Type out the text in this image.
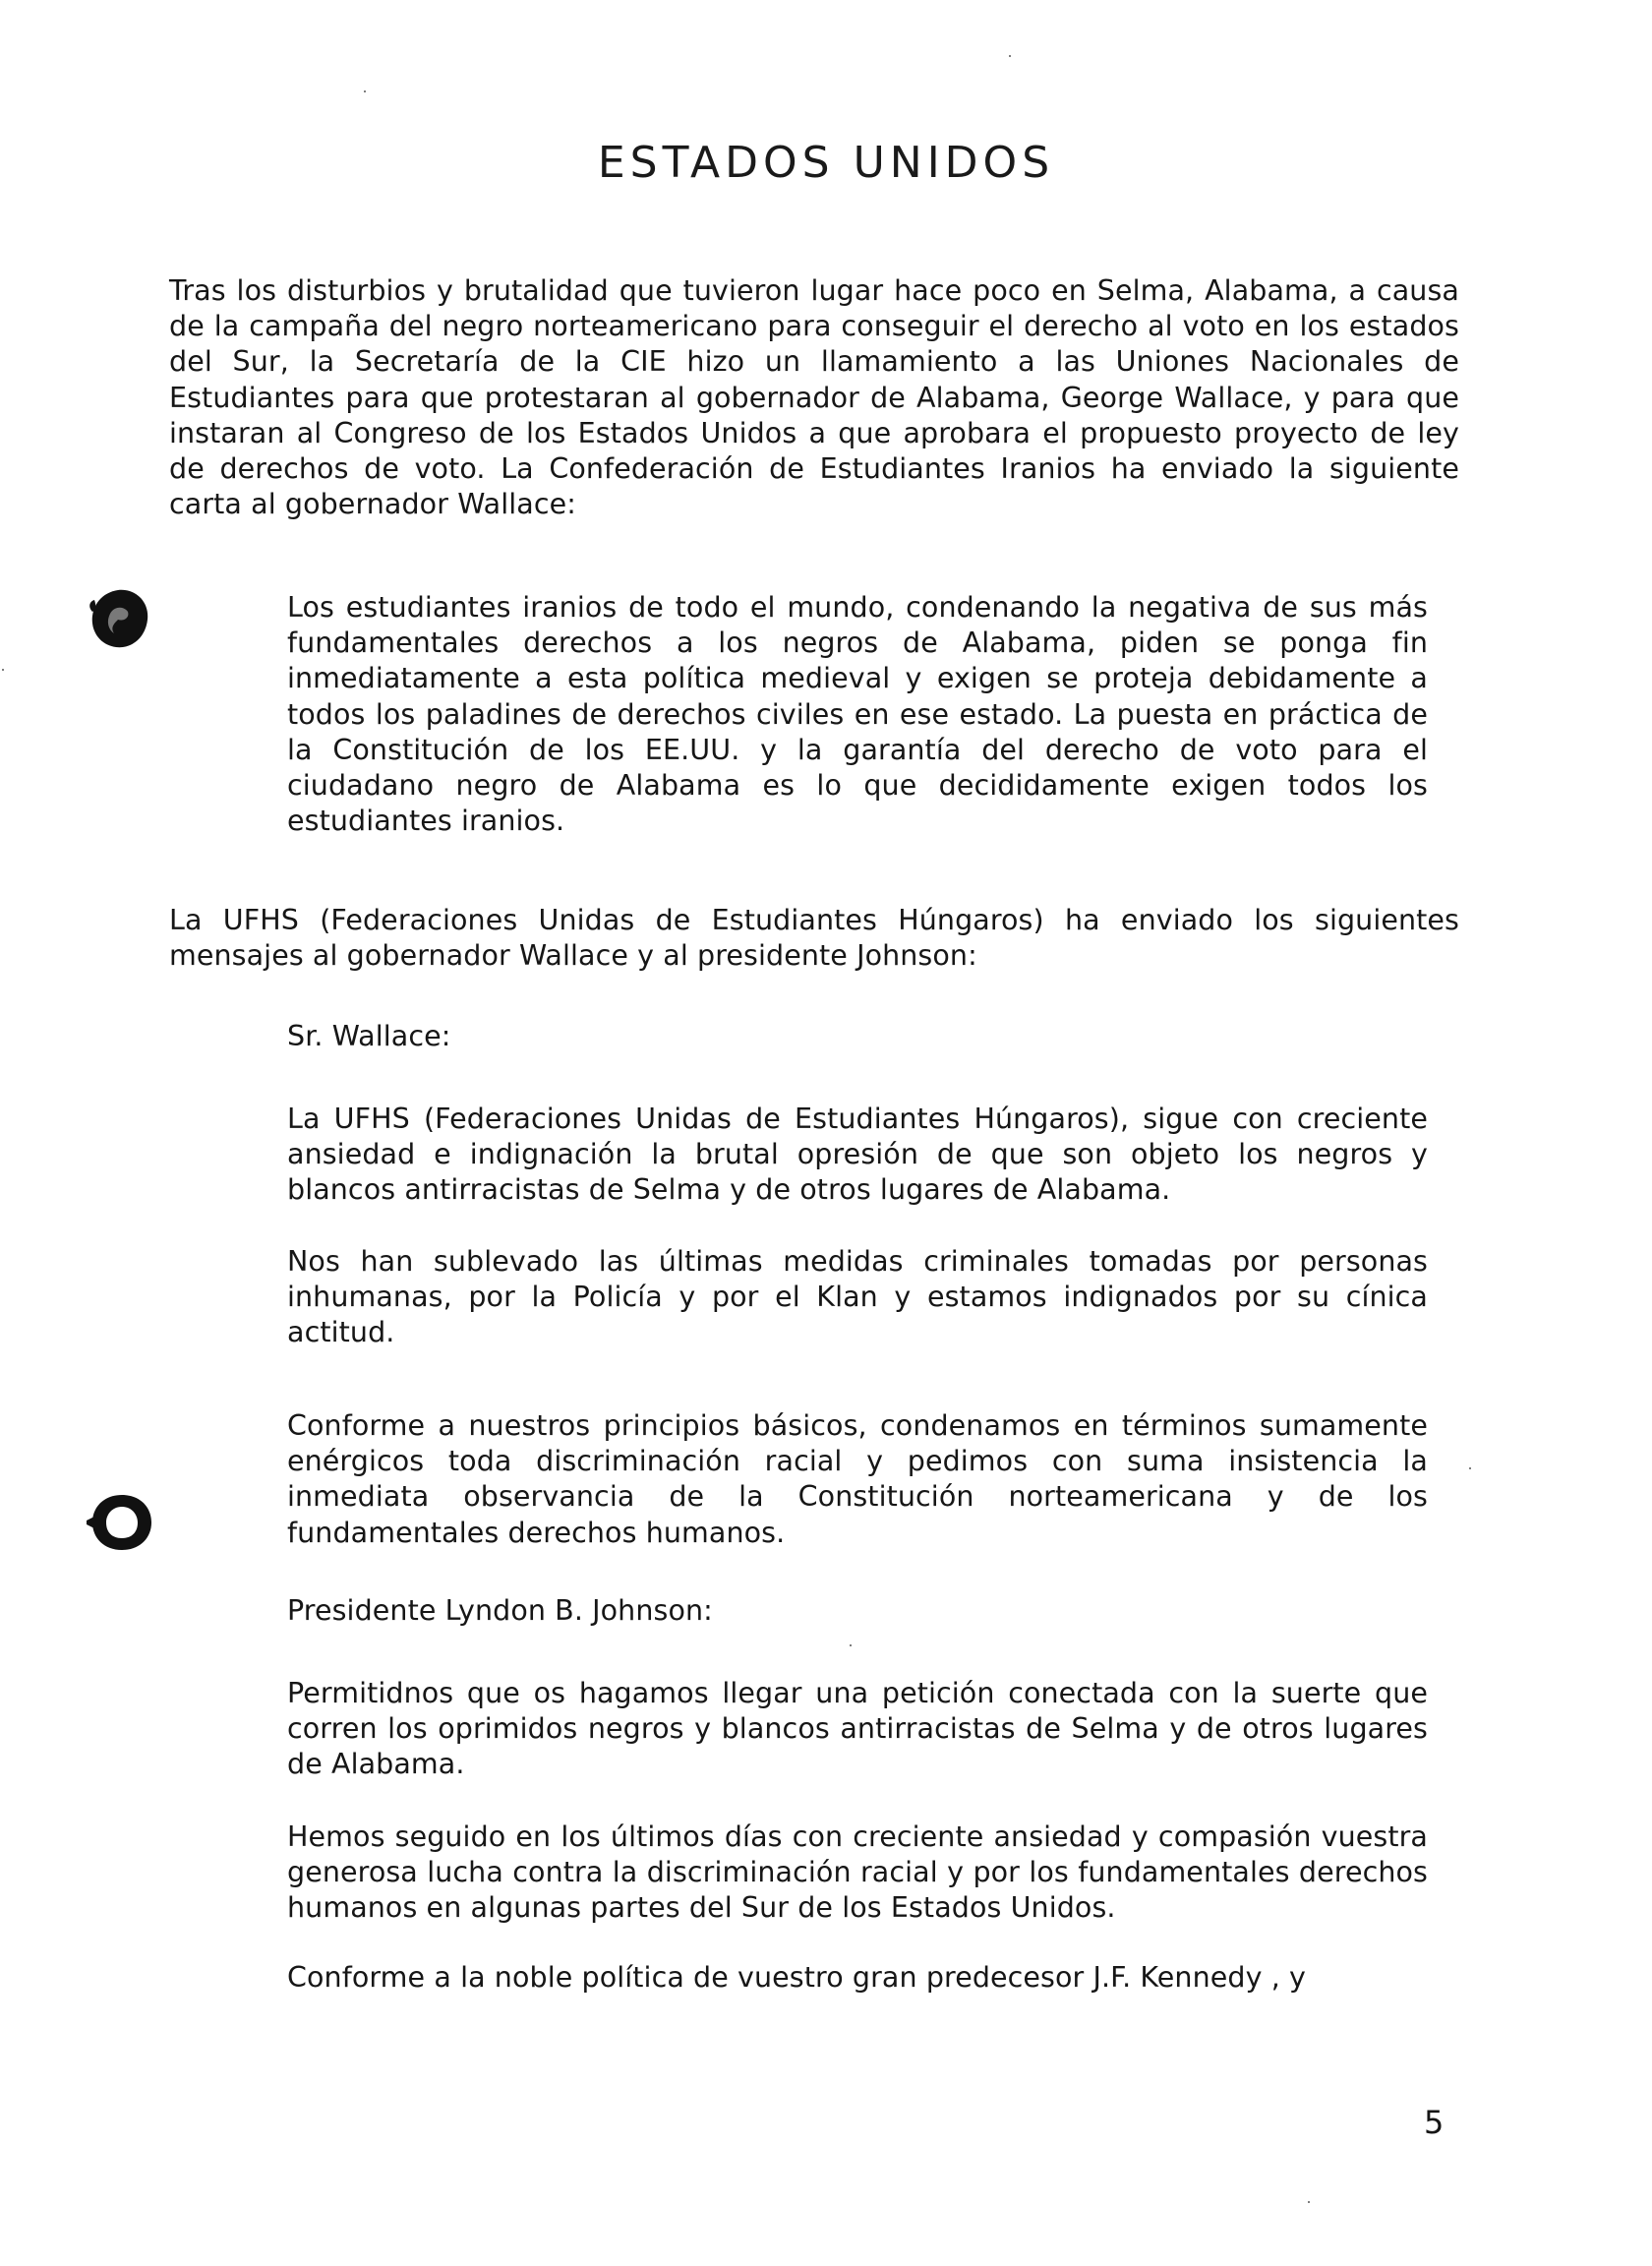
ESTADOS UNIDOS

Tras los disturbios y brutalidad que tuvieron lugar hace poco en Selma, Alabama, a causa de la campaña del negro norteamericano para conseguir el derecho al voto en los estados del Sur, la Secretaría de la CIE hizo un llamamiento a las Uniones Nacionales de Estudiantes para que protestaran al gobernador de Alabama, George Wallace, y para que instaran al Congreso de los Estados Unidos a que aprobara el propuesto proyecto de ley de derechos de voto. La Confederación de Estudiantes Iranios ha enviado la siguiente carta al gobernador Wallace:

Los estudiantes iranios de todo el mundo, condenando la negativa de sus más fundamentales derechos a los negros de Alabama, piden se ponga fin inmediatamente a esta política medieval y exigen se proteja debidamente a todos los paladines de derechos civiles en ese estado. La puesta en práctica de la Constitución de los EE.UU. y la garantía del derecho de voto para el ciudadano negro de Alabama es lo que decididamente exigen todos los estudiantes iranios.

La UFHS (Federaciones Unidas de Estudiantes Húngaros) ha enviado los siguientes mensajes al gobernador Wallace y al presidente Johnson:

Sr. Wallace:

La UFHS (Federaciones Unidas de Estudiantes Húngaros), sigue con creciente ansiedad e indignación la brutal opresión de que son objeto los negros y blancos antirracistas de Selma y de otros lugares de Alabama.

Nos han sublevado las últimas medidas criminales tomadas por personas inhumanas, por la Policía y por el Klan y estamos indignados por su cínica actitud.

Conforme a nuestros principios básicos, condenamos en términos sumamente enérgicos toda discriminación racial y pedimos con suma insistencia la inmediata observancia de la Constitución norteamericana y de los fundamentales derechos humanos.

Presidente Lyndon B. Johnson:

Permitidnos que os hagamos llegar una petición conectada con la suerte que corren los oprimidos negros y blancos antirracistas de Selma y de otros lugares de Alabama.

Hemos seguido en los últimos días con creciente ansiedad y compasión vuestra generosa lucha contra la discriminación racial y por los fundamentales derechos humanos en algunas partes del Sur de los Estados Unidos.

Conforme a la noble política de vuestro gran predecesor J.F. Kennedy , y

5
